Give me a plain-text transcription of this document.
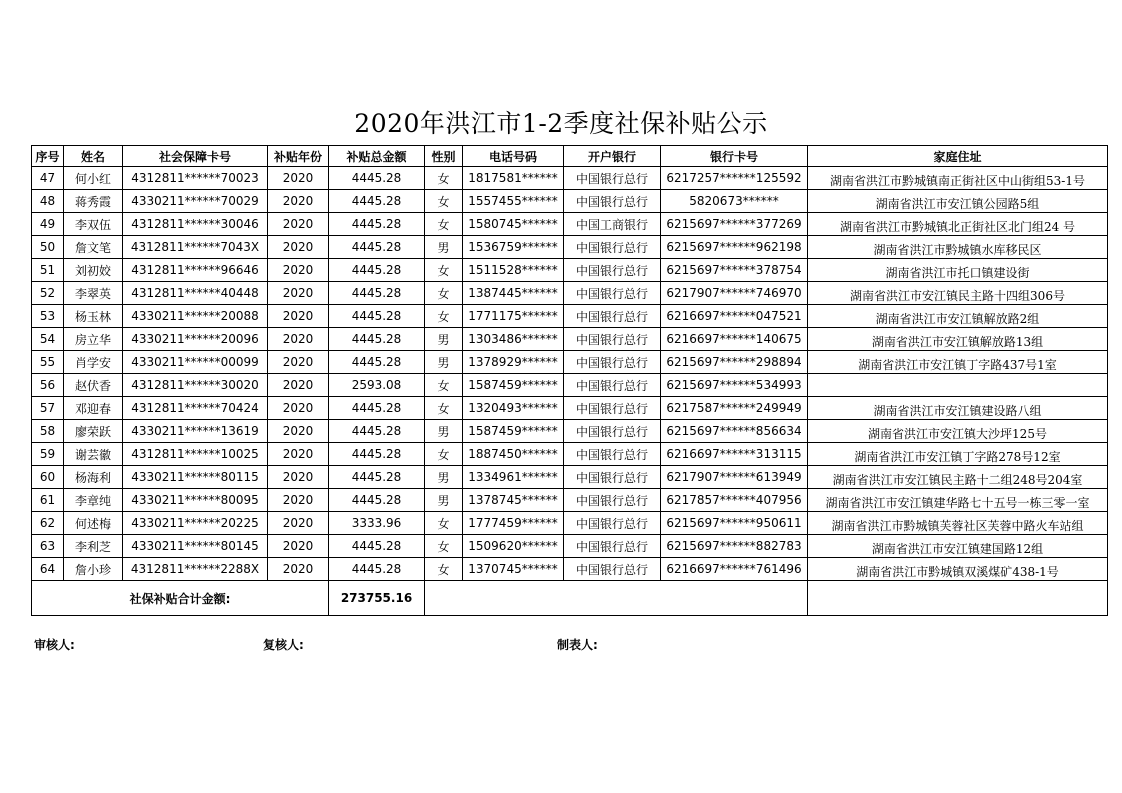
2020年洪江市1-2季度社保补贴公示
序号	姓名	社会保障卡号	补贴年份	补贴总金额	性别	电话号码	开户银行	银行卡号	家庭住址
47	何小红	4312811******70023	2020	4445.28	女	1817581******	中国银行总行	6217257******125592	湖南省洪江市黔城镇南正街社区中山街组53-1号
48	蒋秀霞	4330211******70029	2020	4445.28	女	1557455******	中国银行总行	5820673******	湖南省洪江市安江镇公园路5组
49	李双伍	4312811******30046	2020	4445.28	女	1580745******	中国工商银行	6215697******377269	湖南省洪江市黔城镇北正街社区北门组24 号
50	詹文笔	4312811******7043X	2020	4445.28	男	1536759******	中国银行总行	6215697******962198	湖南省洪江市黔城镇水库移民区
51	刘初姣	4312811******96646	2020	4445.28	女	1511528******	中国银行总行	6215697******378754	湖南省洪江市托口镇建设街
52	李翠英	4312811******40448	2020	4445.28	女	1387445******	中国银行总行	6217907******746970	湖南省洪江市安江镇民主路十四组306号
53	杨玉林	4330211******20088	2020	4445.28	女	1771175******	中国银行总行	6216697******047521	湖南省洪江市安江镇解放路2组
54	房立华	4330211******20096	2020	4445.28	男	1303486******	中国银行总行	6216697******140675	湖南省洪江市安江镇解放路13组
55	肖学安	4330211******00099	2020	4445.28	男	1378929******	中国银行总行	6215697******298894	湖南省洪江市安江镇丁字路437号1室
56	赵伏香	4312811******30020	2020	2593.08	女	1587459******	中国银行总行	6215697******534993	
57	邓迎春	4312811******70424	2020	4445.28	女	1320493******	中国银行总行	6217587******249949	湖南省洪江市安江镇建设路八组
58	廖荣跃	4330211******13619	2020	4445.28	男	1587459******	中国银行总行	6215697******856634	湖南省洪江市安江镇大沙坪125号
59	谢芸徽	4312811******10025	2020	4445.28	女	1887450******	中国银行总行	6216697******313115	湖南省洪江市安江镇丁字路278号12室
60	杨海利	4330211******80115	2020	4445.28	男	1334961******	中国银行总行	6217907******613949	湖南省洪江市安江镇民主路十二组248号204室
61	李章纯	4330211******80095	2020	4445.28	男	1378745******	中国银行总行	6217857******407956	湖南省洪江市安江镇建华路七十五号一栋三零一室
62	何述梅	4330211******20225	2020	3333.96	女	1777459******	中国银行总行	6215697******950611	湖南省洪江市黔城镇芙蓉社区芙蓉中路火车站组
63	李利芝	4330211******80145	2020	4445.28	女	1509620******	中国银行总行	6215697******882783	湖南省洪江市安江镇建国路12组
64	詹小珍	4312811******2288X	2020	4445.28	女	1370745******	中国银行总行	6216697******761496	湖南省洪江市黔城镇双溪煤矿438-1号
社保补贴合计金额:				273755.16					
审核人:	复核人:	制表人:
